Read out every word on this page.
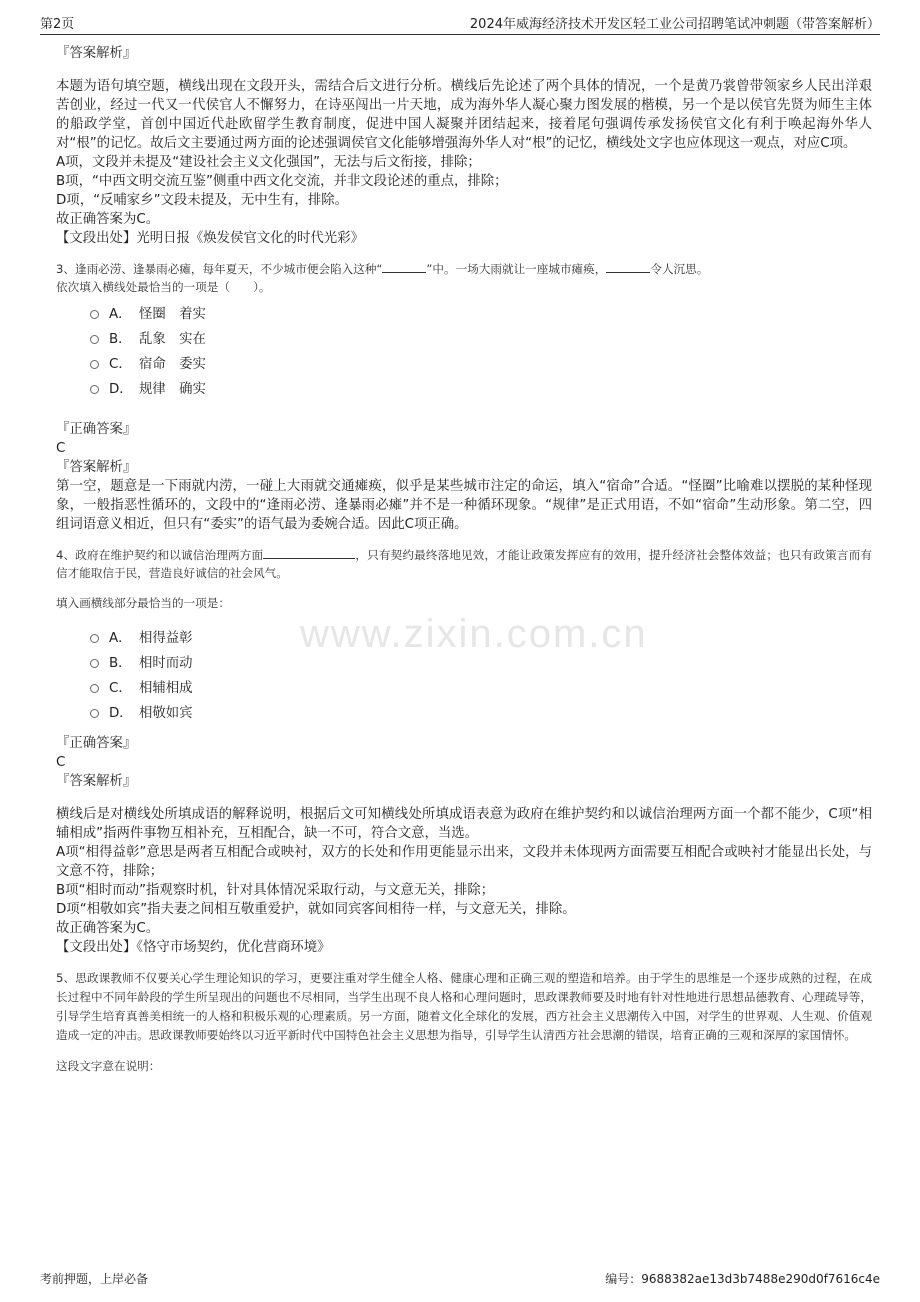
第2页	2024年威海经济技术开发区轻工业公司招聘笔试冲刺题（带答案解析）
www.zixin.com.cn

『答案解析』

本题为语句填空题，横线出现在文段开头，需结合后文进行分析。横线后先论述了两个具体的情况，一个是黄乃裳曾带领家乡人民出洋艰苦创业，经过一代又一代侯官人不懈努力，在诗巫闯出一片天地，成为海外华人凝心聚力图发展的楷模，另一个是以侯官先贤为师生主体的船政学堂，首创中国近代赴欧留学生教育制度，促进中国人凝聚并团结起来，接着尾句强调传承发扬侯官文化有利于唤起海外华人对“根”的记忆。故后文主要通过两方面的论述强调侯官文化能够增强海外华人对“根”的记忆，横线处文字也应体现这一观点，对应C项。

A项，文段并未提及“建设社会主义文化强国”，无法与后文衔接，排除；

B项，“中西文明交流互鉴”侧重中西文化交流，并非文段论述的重点，排除；

D项，“反哺家乡”文段未提及，无中生有，排除。

故正确答案为C。

【文段出处】光明日报《焕发侯官文化的时代光彩》

3、逢雨必涝、逢暴雨必瘫，每年夏天，不少城市便会陷入这种“	”中。一场大雨就让一座城市瘫痪，	令人沉思。

依次填入横线处最恰当的一项是（　　）。

A． 怪圈　着实
B． 乱象　实在
C． 宿命　委实
D． 规律　确实

『正确答案』

C

『答案解析』

第一空，题意是一下雨就内涝，一碰上大雨就交通瘫痪，似乎是某些城市注定的命运，填入“宿命”合适。“怪圈”比喻难以摆脱的某种怪现象，一般指恶性循环的，文段中的“逢雨必涝、逢暴雨必瘫”并不是一种循环现象。“规律”是正式用语，不如“宿命”生动形象。第二空，四组词语意义相近，但只有“委实”的语气最为委婉合适。因此C项正确。

4、政府在维护契约和以诚信治理两方面	，只有契约最终落地见效，才能让政策发挥应有的效用，提升经济社会整体效益；也只有政策言而有信才能取信于民，营造良好诚信的社会风气。

填入画横线部分最恰当的一项是：

A． 相得益彰
B． 相时而动
C． 相辅相成
D． 相敬如宾

『正确答案』

C

『答案解析』

横线后是对横线处所填成语的解释说明，根据后文可知横线处所填成语表意为政府在维护契约和以诚信治理两方面一个都不能少，C项“相辅相成”指两件事物互相补充，互相配合，缺一不可，符合文意，当选。

A项“相得益彰”意思是两者互相配合或映衬，双方的长处和作用更能显示出来，文段并未体现两方面需要互相配合或映衬才能显出长处，与文意不符，排除；

B项“相时而动”指观察时机，针对具体情况采取行动，与文意无关，排除；

D项“相敬如宾”指夫妻之间相互敬重爱护，就如同宾客间相待一样，与文意无关，排除。

故正确答案为C。

【文段出处】《恪守市场契约，优化营商环境》

5、思政课教师不仅要关心学生理论知识的学习，更要注重对学生健全人格、健康心理和正确三观的塑造和培养。由于学生的思维是一个逐步成熟的过程，在成长过程中不同年龄段的学生所呈现出的问题也不尽相同，当学生出现不良人格和心理问题时，思政课教师要及时地有针对性地进行思想品德教育、心理疏导等，引导学生培育真善美相统一的人格和积极乐观的心理素质。另一方面，随着文化全球化的发展，西方社会主义思潮传入中国，对学生的世界观、人生观、价值观造成一定的冲击。思政课教师要始终以习近平新时代中国特色社会主义思想为指导，引导学生认清西方社会思潮的错误，培育正确的三观和深厚的家国情怀。

这段文字意在说明：

考前押题，上岸必备	编号：9688382ae13d3b7488e290d0f7616c4e
